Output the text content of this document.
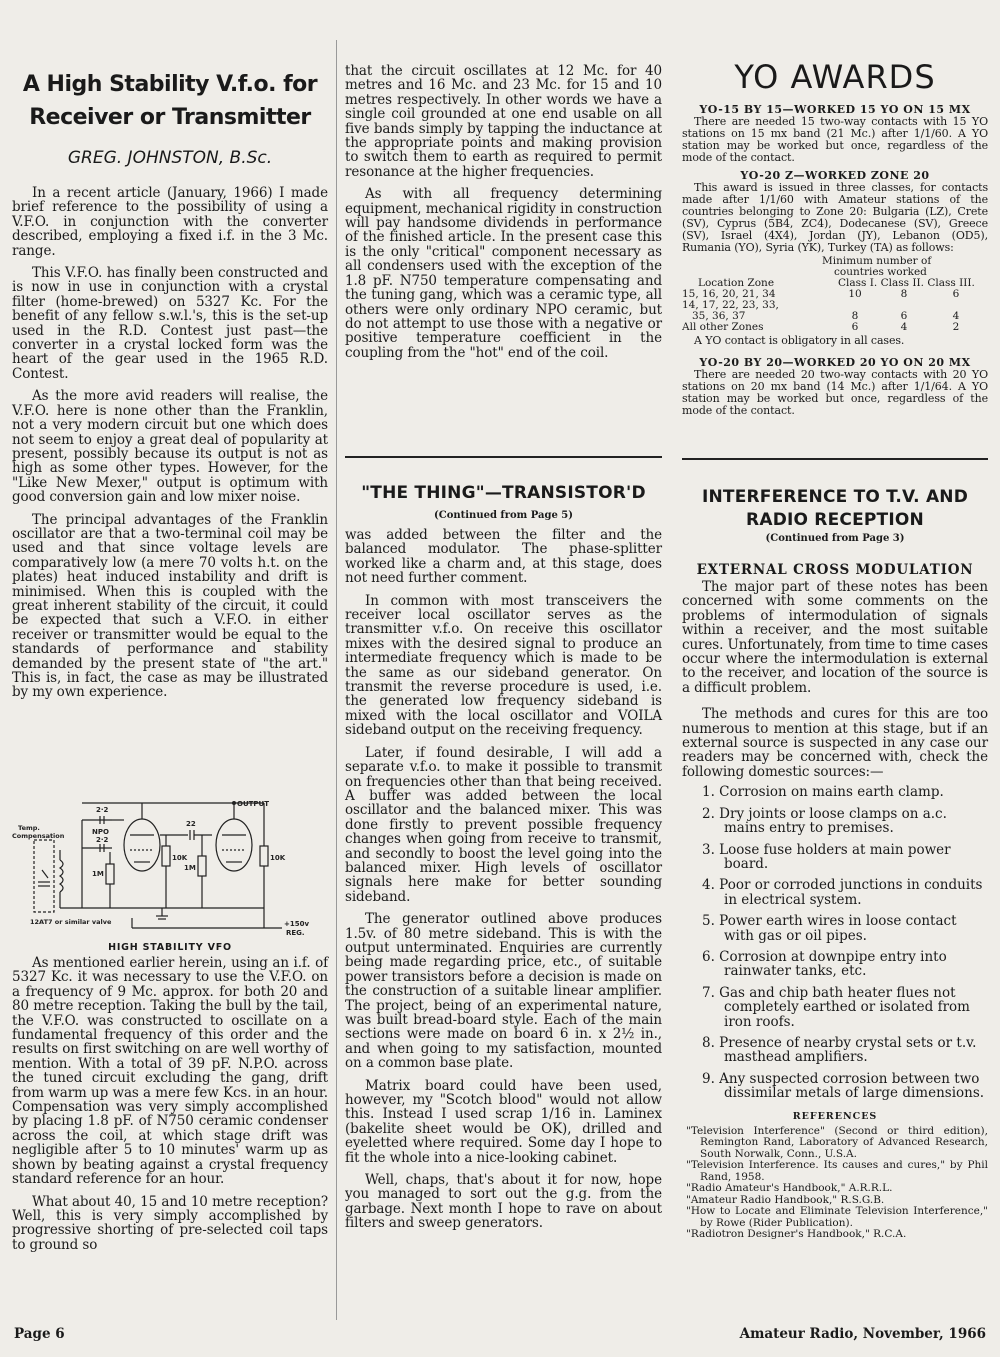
A High Stability V.f.o. for Receiver or Transmitter
GREG. JOHNSTON, B.Sc.

In a recent article (January, 1966) I made brief reference to the possibility of using a V.F.O. in conjunction with the converter described, employing a fixed i.f. in the 3 Mc. range.

This V.F.O. has finally been constructed and is now in use in conjunction with a crystal filter (home-brewed) on 5327 Kc. For the benefit of any fellow s.w.l.'s, this is the set-up used in the R.D. Contest just past—the converter in a crystal locked form was the heart of the gear used in the 1965 R.D. Contest.

As the more avid readers will realise, the V.F.O. here is none other than the Franklin, not a very modern circuit but one which does not seem to enjoy a great deal of popularity at present, possibly because its output is not as high as some other types. However, for the "Like New Mexer," output is optimum with good conversion gain and low mixer noise.

The principal advantages of the Franklin oscillator are that a two-terminal coil may be used and that since voltage levels are comparatively low (a mere 70 volts h.t. on the plates) heat induced instability and drift is minimised. When this is coupled with the great inherent stability of the circuit, it could be expected that such a V.F.O. in either receiver or transmitter would be equal to the standards of performance and stability demanded by the present state of "the art." This is, in fact, the case as may be illustrated by my own experience.

OUTPUT
Temp.
Compensation
2·2
NPO
2·2
22
10K
1M
1M
10K
12AT7 or similar valve	+150v
REG.
HIGH STABILITY VFO

As mentioned earlier herein, using an i.f. of 5327 Kc. it was necessary to use the V.F.O. on a frequency of 9 Mc. approx. for both 20 and 80 metre reception. Taking the bull by the tail, the V.F.O. was constructed to oscillate on a fundamental frequency of this order and the results on first switching on are well worthy of mention. With a total of 39 pF. N.P.O. across the tuned circuit excluding the gang, drift from warm up was a mere few Kcs. in an hour. Compensation was very simply accomplished by placing 1.8 pF. of N750 ceramic condenser across the coil, at which stage drift was negligible after 5 to 10 minutes' warm up as shown by beating against a crystal frequency standard reference for an hour.

What about 40, 15 and 10 metre reception? Well, this is very simply accomplished by progressive shorting of pre-selected coil taps to ground so

that the circuit oscillates at 12 Mc. for 40 metres and 16 Mc. and 23 Mc. for 15 and 10 metres respectively. In other words we have a single coil grounded at one end usable on all five bands simply by tapping the inductance at the appropriate points and making provision to switch them to earth as required to permit resonance at the higher frequencies.

As with all frequency determining equipment, mechanical rigidity in construction will pay handsome dividends in performance of the finished article. In the present case this is the only "critical" component necessary as all condensers used with the exception of the 1.8 pF. N750 temperature compensating and the tuning gang, which was a ceramic type, all others were only ordinary NPO ceramic, but do not attempt to use those with a negative or positive temperature coefficient in the coupling from the "hot" end of the coil.

"THE THING"—TRANSISTOR'D
(Continued from Page 5)

was added between the filter and the balanced modulator. The phase-splitter worked like a charm and, at this stage, does not need further comment.

In common with most transceivers the receiver local oscillator serves as the transmitter v.f.o. On receive this oscillator mixes with the desired signal to produce an intermediate frequency which is made to be the same as our sideband generator. On transmit the reverse procedure is used, i.e. the generated low frequency sideband is mixed with the local oscillator and VOILA sideband output on the receiving frequency.

Later, if found desirable, I will add a separate v.f.o. to make it possible to transmit on frequencies other than that being received. A buffer was added between the local oscillator and the balanced mixer. This was done firstly to prevent possible frequency changes when going from receive to transmit, and secondly to boost the level going into the balanced mixer. High levels of oscillator signals here make for better sounding sideband.

The generator outlined above produces 1.5v. of 80 metre sideband. This is with the output unterminated. Enquiries are currently being made regarding price, etc., of suitable power transistors before a decision is made on the construction of a suitable linear amplifier. The project, being of an experimental nature, was built bread-board style. Each of the main sections were made on board 6 in. x 2½ in., and when going to my satisfaction, mounted on a common base plate.

Matrix board could have been used, however, my "Scotch blood" would not allow this. Instead I used scrap 1/16 in. Laminex (bakelite sheet would be OK), drilled and eyeletted where required. Some day I hope to fit the whole into a nice-looking cabinet.

Well, chaps, that's about it for now, hope you managed to sort out the g.g. from the garbage. Next month I hope to rave on about filters and sweep generators.

YO AWARDS
YO-15 BY 15—WORKED 15 YO ON 15 MX

There are needed 15 two-way contacts with 15 YO stations on 15 mx band (21 Mc.) after 1/1/60. A YO station may be worked but once, regardless of the mode of the contact.

YO-20 Z—WORKED ZONE 20

This award is issued in three classes, for contacts made after 1/1/60 with Amateur stations of the countries belonging to Zone 20: Bulgaria (LZ), Crete (SV), Cyprus (5B4, ZC4), Dodecanese (SV), Greece (SV), Israel (4X4), Jordan (JY), Lebanon (OD5), Rumania (YO), Syria (YK), Turkey (TA) as follows:

Minimum number of
countries worked
Location Zone	Class I. Class II. Class III.
15, 16, 20, 21, 34	10	8	6
14, 17, 22, 23, 33,
35, 36, 37	8	6	4
All other Zones	6	4	2

A YO contact is obligatory in all cases.

YO-20 BY 20—WORKED 20 YO ON 20 MX

There are needed 20 two-way contacts with 20 YO stations on 20 mx band (14 Mc.) after 1/1/64. A YO station may be worked but once, regardless of the mode of the contact.

INTERFERENCE TO T.V. AND
RADIO RECEPTION
(Continued from Page 3)
EXTERNAL CROSS MODULATION

The major part of these notes has been concerned with some comments on the problems of intermodulation of signals within a receiver, and the most suitable cures. Unfortunately, from time to time cases occur where the intermodulation is external to the receiver, and location of the source is a difficult problem.

The methods and cures for this are too numerous to mention at this stage, but if an external source is suspected in any case our readers may be concerned with, check the following domestic sources:—

1. Corrosion on mains earth clamp.
2. Dry joints or loose clamps on a.c. mains entry to premises.
3. Loose fuse holders at main power board.
4. Poor or corroded junctions in conduits in electrical system.
5. Power earth wires in loose contact with gas or oil pipes.
6. Corrosion at downpipe entry into rainwater tanks, etc.
7. Gas and chip bath heater flues not completely earthed or isolated from iron roofs.
8. Presence of nearby crystal sets or t.v. masthead amplifiers.
9. Any suspected corrosion between two dissimilar metals of large dimensions.
REFERENCES
"Television Interference" (Second or third edition), Remington Rand, Laboratory of Advanced Research, South Norwalk, Conn., U.S.A.
"Television Interference. Its causes and cures," by Phil Rand, 1958.
"Radio Amateur's Handbook," A.R.R.L.
"Amateur Radio Handbook," R.S.G.B.
"How to Locate and Eliminate Television Interference," by Rowe (Rider Publication).
"Radiotron Designer's Handbook," R.C.A.
Page 6	Amateur Radio, November, 1966
